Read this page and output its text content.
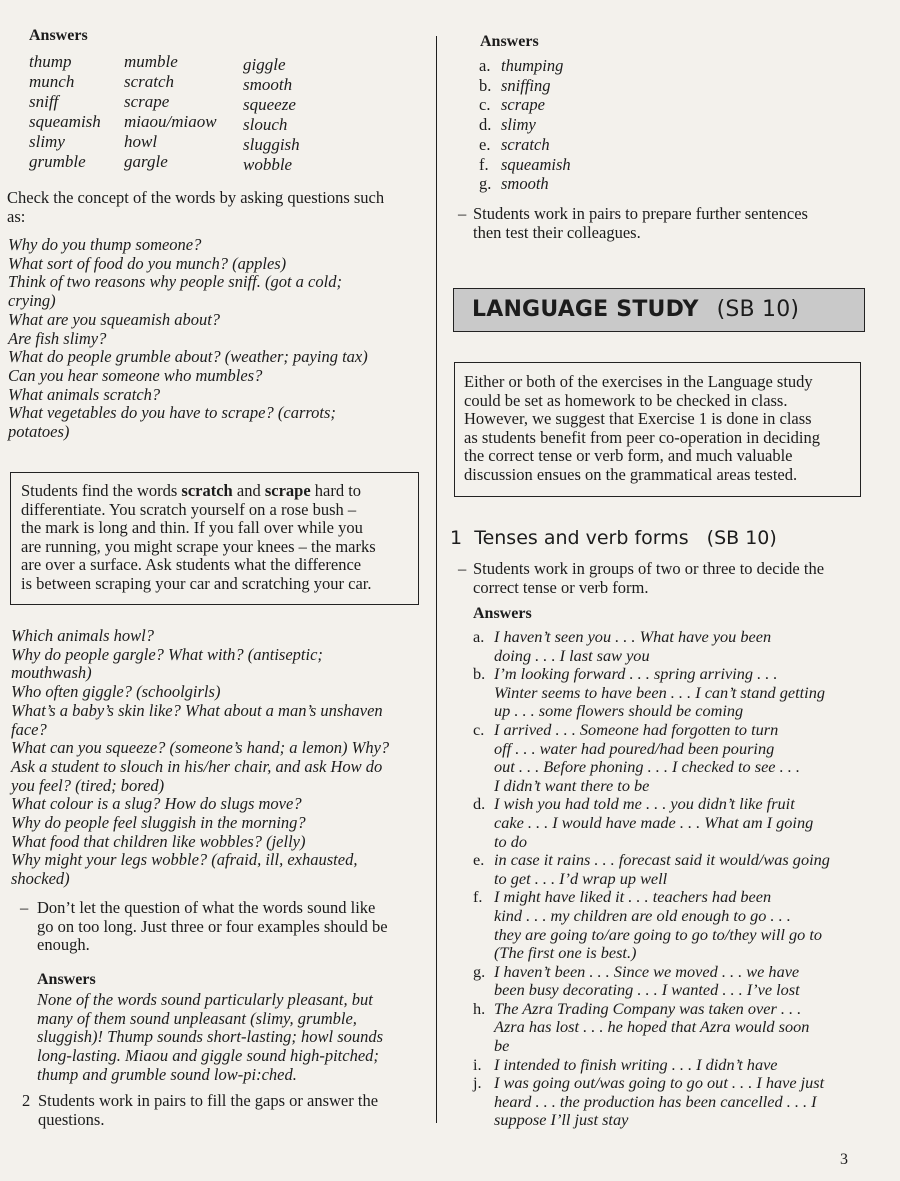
Answers
thump
munch
sniff
squeamish
slimy
grumble
mumble
scratch
scrape
miaou/miaow
howl
gargle
giggle
smooth
squeeze
slouch
sluggish
wobble
Check the concept of the words by asking questions such
as:
Why do you thump someone?
What sort of food do you munch? (apples)
Think of two reasons why people sniff. (got a cold;
crying)
What are you squeamish about?
Are fish slimy?
What do people grumble about? (weather; paying tax)
Can you hear someone who mumbles?
What animals scratch?
What vegetables do you have to scrape? (carrots;
potatoes)
Students find the words scratch and scrape hard to
differentiate. You scratch yourself on a rose bush –
the mark is long and thin. If you fall over while you
are running, you might scrape your knees – the marks
are over a surface. Ask students what the difference
is between scraping your car and scratching your car.
Which animals howl?
Why do people gargle? What with? (antiseptic;
mouthwash)
Who often giggle? (schoolgirls)
What’s a baby’s skin like? What about a man’s unshaven
face?
What can you squeeze? (someone’s hand; a lemon) Why?
Ask a student to slouch in his/her chair, and ask How do
you feel? (tired; bored)
What colour is a slug? How do slugs move?
Why do people feel sluggish in the morning?
What food that children like wobbles? (jelly)
Why might your legs wobble? (afraid, ill, exhausted,
shocked)
– Don’t let the question of what the words sound like
go on too long. Just three or four examples should be
enough.
Answers
None of the words sound particularly pleasant, but
many of them sound unpleasant (slimy, grumble,
sluggish)! Thump sounds short-lasting; howl sounds
long-lasting. Miaou and giggle sound high-pitched;
thump and grumble sound low-pi:ched.
2 Students work in pairs to fill the gaps or answer the
questions.
Answers
a. thumping
b. sniffing
c. scrape
d. slimy
e. scratch
f. squeamish
g. smooth
– Students work in pairs to prepare further sentences
then test their colleagues.
LANGUAGE STUDY (SB 10)
Either or both of the exercises in the Language study
could be set as homework to be checked in class.
However, we suggest that Exercise 1 is done in class
as students benefit from peer co-operation in deciding
the correct tense or verb form, and much valuable
discussion ensues on the grammatical areas tested.
1 Tenses and verb forms (SB 10)
– Students work in groups of two or three to decide the
correct tense or verb form.
Answers
a. I haven’t seen you . . . What have you been
doing . . . I last saw you
b. I’m looking forward . . . spring arriving . . .
Winter seems to have been . . . I can’t stand getting
up . . . some flowers should be coming
c. I arrived . . . Someone had forgotten to turn
off . . . water had poured/had been pouring
out . . . Before phoning . . . I checked to see . . .
I didn’t want there to be
d. I wish you had told me . . . you didn’t like fruit
cake . . . I would have made . . . What am I going
to do
e. in case it rains . . . forecast said it would/was going
to get . . . I’d wrap up well
f. I might have liked it . . . teachers had been
kind . . . my children are old enough to go . . .
they are going to/are going to go to/they will go to
(The first one is best.)
g. I haven’t been . . . Since we moved . . . we have
been busy decorating . . . I wanted . . . I’ve lost
h. The Azra Trading Company was taken over . . .
Azra has lost . . . he hoped that Azra would soon
be
i. I intended to finish writing . . . I didn’t have
j. I was going out/was going to go out . . . I have just
heard . . . the production has been cancelled . . . I
suppose I’ll just stay
3
